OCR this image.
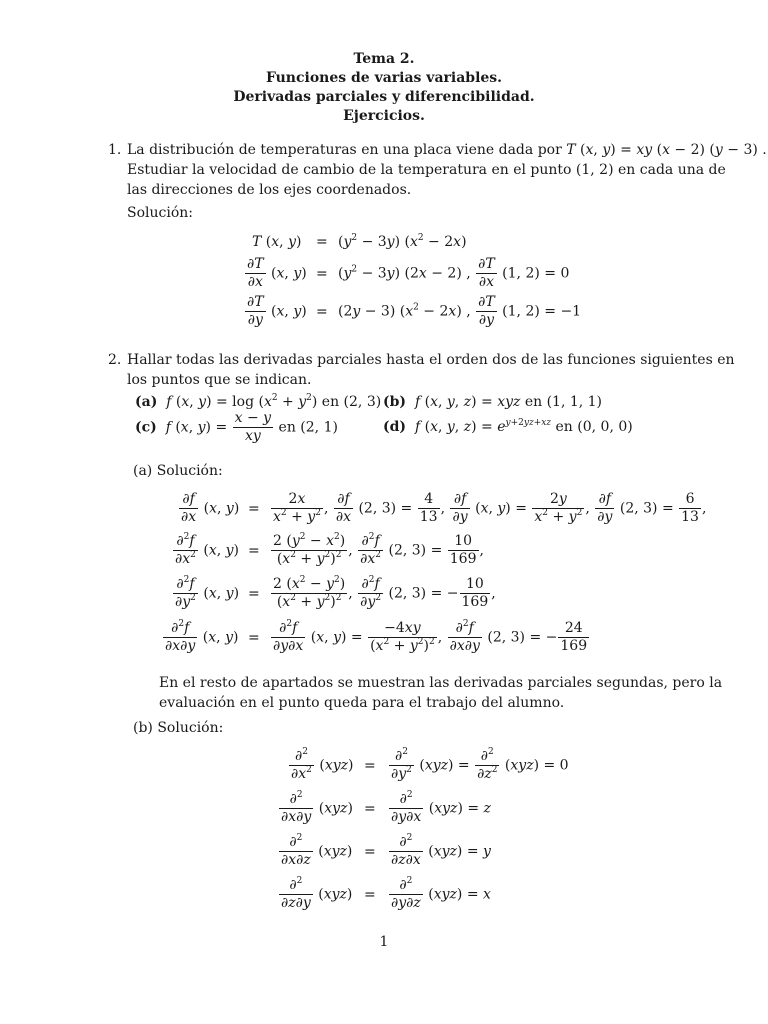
Tema 2.
Funciones de varias variables.
Derivadas parciales y diferencibilidad.
Ejercicios.
1. La distribución de temperaturas en una placa viene dada por T (x, y) = xy (x − 2) (y − 3) .
Estudiar la velocidad de cambio de la temperatura en el punto (1, 2) en cada una de
las direcciones de los ejes coordenados.
Solución:
T (x, $y) = (y^2 - 3y) (x^2 - 2x)$
$\frac{\partial T}{\partial x} (x$, $y) = (y^2 - 3y) (2x - 2)$ , $\frac{\partial T}{\partial x} (1$, 2) = 0
$\frac{\partial T}{\partial y} (x$, y) = (2y − 3) $(x^2 - 2x)$ , $\frac{\partial T}{\partial y} (1$, 2) = −1
2. Hallar todas las derivadas parciales hasta el orden dos de las funciones siguientes en
los puntos que se indican.
(a) f (x, $y) = \log (x^2 + y^2)$ en (2, 3) (b) f (x, y, z) = xyz en (1, 1, 1)
(c) f (x, $y) = \frac{x - y}{xy}$ en (2, 1)	(d) f (x, y, $z) = e^{y+2yz+xz}$ en (0, 0, 0)
(a) Solución:
$\frac{\partial f}{\partial x} (x$, $y) = \frac{2x}{x^2 + y^2}$ , $\frac{\partial f}{\partial x} (2$, $3) = \frac{4}{13}$ , $\frac{\partial f}{\partial y} (x$, $y) = \frac{2y}{x^2 + y^2}$ , $\frac{\partial f}{\partial y} (2$, $3) = \frac{6}{13}$ ,
$\frac{\partial^2f}{\partial x^2} (x$, $y) = \frac{2 (y^2 - x^2)}{(x^2 + y^2)^2}$ , $\frac{\partial^2f}{\partial x^2} (2$, $3) = \frac{10}{169}$ ,
$\frac{\partial^2f}{\partial y^2} (x$, $y) = \frac{2 (x^2 - y^2)}{(x^2 + y^2)^2}$ , $\frac{\partial^2f}{\partial y^2} (2$, 3) = − $\frac{10}{169}$ ,
$\frac{\partial^2f}{\partial x\partial y} (x$, $y) = \frac{\partial^2f}{\partial y\partial x} (x$, $y) = \frac{-4xy}{(x^2 + y^2)^2}$ , $\frac{\partial^2f}{\partial x\partial y} (2$, 3) = − $\frac{24}{169}$
En el resto de apartados se muestran las derivadas parciales segundas, pero la
evaluación en el punto queda para el trabajo del alumno.
(b) Solución:
$\frac{\partial^2}{\partial x^2} (xyz) = \frac{\partial^2}{\partial y^2} (xyz) = \frac{\partial^2}{\partial z^2} (xyz) = 0$
$\frac{\partial^2}{\partial x\partial y} (xyz) = \frac{\partial^2}{\partial y\partial x} (xyz) = z$
$\frac{\partial^2}{\partial x\partial z} (xyz) = \frac{\partial^2}{\partial z\partial x} (xyz) = y$
$\frac{\partial^2}{\partial z\partial y} (xyz) = \frac{\partial^2}{\partial y\partial z} (xyz) = x$
1
